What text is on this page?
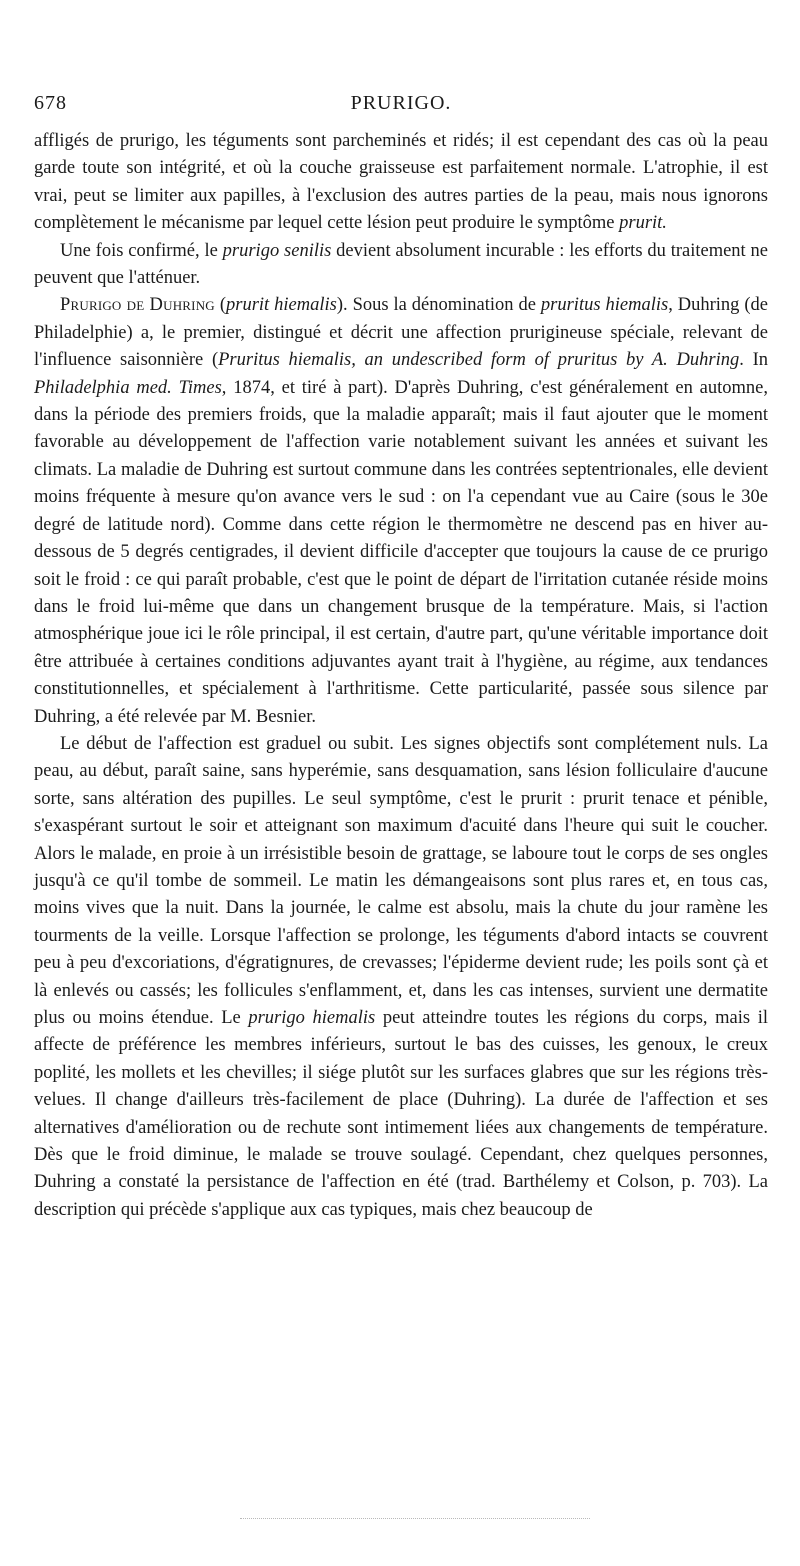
678	PRURIGO.

affligés de prurigo, les téguments sont parcheminés et ridés; il est cependant des cas où la peau garde toute son intégrité, et où la couche graisseuse est parfaitement normale. L'atrophie, il est vrai, peut se limiter aux papilles, à l'exclusion des autres parties de la peau, mais nous ignorons complètement le mécanisme par lequel cette lésion peut produire le symptôme prurit.

Une fois confirmé, le prurigo senilis devient absolument incurable : les efforts du traitement ne peuvent que l'atténuer.

Prurigo de Duhring (prurit hiemalis). Sous la dénomination de pruritus hiemalis, Duhring (de Philadelphie) a, le premier, distingué et décrit une affection prurigineuse spéciale, relevant de l'influence saisonnière (Pruritus hiemalis, an undescribed form of pruritus by A. Duhring. In Philadelphia med. Times, 1874, et tiré à part). D'après Duhring, c'est généralement en automne, dans la période des premiers froids, que la maladie apparaît; mais il faut ajouter que le moment favorable au développement de l'affection varie notablement suivant les années et suivant les climats. La maladie de Duhring est surtout commune dans les contrées septentrionales, elle devient moins fréquente à mesure qu'on avance vers le sud : on l'a cependant vue au Caire (sous le 30e degré de latitude nord). Comme dans cette région le thermomètre ne descend pas en hiver au-dessous de 5 degrés centigrades, il devient difficile d'accepter que toujours la cause de ce prurigo soit le froid : ce qui paraît probable, c'est que le point de départ de l'irritation cutanée réside moins dans le froid lui-même que dans un changement brusque de la température. Mais, si l'action atmosphérique joue ici le rôle principal, il est certain, d'autre part, qu'une véritable importance doit être attribuée à certaines conditions adjuvantes ayant trait à l'hygiène, au régime, aux tendances constitutionnelles, et spécialement à l'arthritisme. Cette particularité, passée sous silence par Duhring, a été relevée par M. Besnier.

Le début de l'affection est graduel ou subit. Les signes objectifs sont complétement nuls. La peau, au début, paraît saine, sans hyperémie, sans desquamation, sans lésion folliculaire d'aucune sorte, sans altération des pupilles. Le seul symptôme, c'est le prurit : prurit tenace et pénible, s'exaspérant surtout le soir et atteignant son maximum d'acuité dans l'heure qui suit le coucher. Alors le malade, en proie à un irrésistible besoin de grattage, se laboure tout le corps de ses ongles jusqu'à ce qu'il tombe de sommeil. Le matin les démangeaisons sont plus rares et, en tous cas, moins vives que la nuit. Dans la journée, le calme est absolu, mais la chute du jour ramène les tourments de la veille. Lorsque l'affection se prolonge, les téguments d'abord intacts se couvrent peu à peu d'excoriations, d'égratignures, de crevasses; l'épiderme devient rude; les poils sont çà et là enlevés ou cassés; les follicules s'enflamment, et, dans les cas intenses, survient une dermatite plus ou moins étendue. Le prurigo hiemalis peut atteindre toutes les régions du corps, mais il affecte de préférence les membres inférieurs, surtout le bas des cuisses, les genoux, le creux poplité, les mollets et les chevilles; il siége plutôt sur les surfaces glabres que sur les régions très-velues. Il change d'ailleurs très-facilement de place (Duhring). La durée de l'affection et ses alternatives d'amélioration ou de rechute sont intimement liées aux changements de température. Dès que le froid diminue, le malade se trouve soulagé. Cependant, chez quelques personnes, Duhring a constaté la persistance de l'affection en été (trad. Barthélemy et Colson, p. 703). La description qui précède s'applique aux cas typiques, mais chez beaucoup de
